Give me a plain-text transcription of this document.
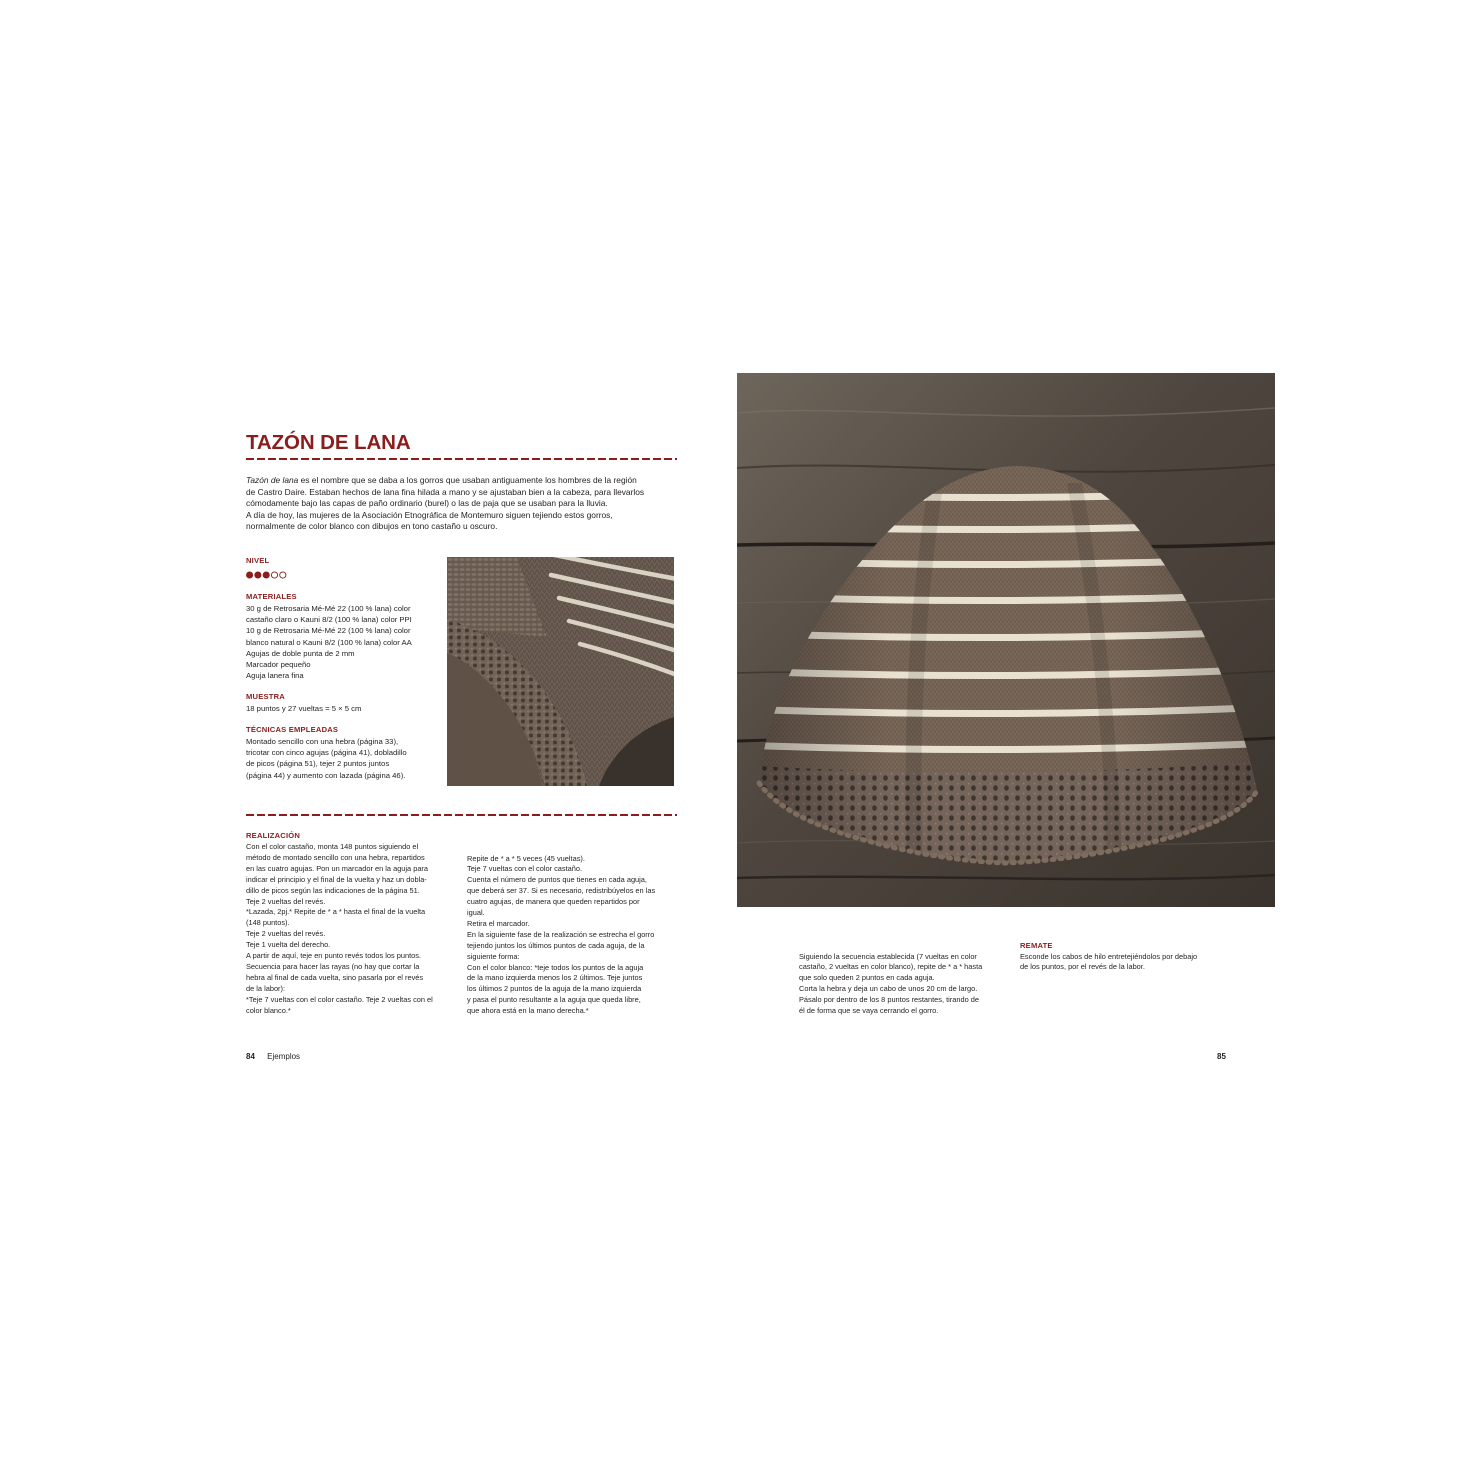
TAZÓN DE LANA
Tazón de lana es el nombre que se daba a los gorros que usaban antiguamente los hombres de la región
de Castro Daire. Estaban hechos de lana fina hilada a mano y se ajustaban bien a la cabeza, para llevarlos
cómodamente bajo las capas de paño ordinario (burel) o las de paja que se usaban para la lluvia.
A día de hoy, las mujeres de la Asociación Etnográfica de Montemuro siguen tejiendo estos gorros,
normalmente de color blanco con dibujos en tono castaño u oscuro.
NIVEL
MATERIALES
30 g de Retrosaria Mé-Mé 22 (100 % lana) color
castaño claro o Kauni 8/2 (100 % lana) color PPI
10 g de Retrosaria Mé-Mé 22 (100 % lana) color
blanco natural o Kauni 8/2 (100 % lana) color AA
Agujas de doble punta de 2 mm
Marcador pequeño
Aguja lanera fina
MUESTRA
18 puntos y 27 vueltas = 5 × 5 cm
TÉCNICAS EMPLEADAS
Montado sencillo con una hebra (página 33),
tricotar con cinco agujas (página 41), dobladillo
de picos (página 51), tejer 2 puntos juntos
(página 44) y aumento con lazada (página 46).
REALIZACIÓN
Con el color castaño, monta 148 puntos siguiendo el
método de montado sencillo con una hebra, repartidos
en las cuatro agujas. Pon un marcador en la aguja para
indicar el principio y el final de la vuelta y haz un dobla-
dillo de picos según las indicaciones de la página 51.
Teje 2 vueltas del revés.
*Lazada, 2pj.* Repite de * a * hasta el final de la vuelta
(148 puntos).
Teje 2 vueltas del revés.
Teje 1 vuelta del derecho.
A partir de aquí, teje en punto revés todos los puntos.
Secuencia para hacer las rayas (no hay que cortar la
hebra al final de cada vuelta, sino pasarla por el revés
de la labor):
*Teje 7 vueltas con el color castaño. Teje 2 vueltas con el
color blanco.*
Repite de * a * 5 veces (45 vueltas).
Teje 7 vueltas con el color castaño.
Cuenta el número de puntos que tienes en cada aguja,
que deberá ser 37. Si es necesario, redistribúyelos en las
cuatro agujas, de manera que queden repartidos por
igual.
Retira el marcador.
En la siguiente fase de la realización se estrecha el gorro
tejiendo juntos los últimos puntos de cada aguja, de la
siguiente forma:
Con el color blanco: *teje todos los puntos de la aguja
de la mano izquierda menos los 2 últimos. Teje juntos
los últimos 2 puntos de la aguja de la mano izquierda
y pasa el punto resultante a la aguja que queda libre,
que ahora está en la mano derecha.*
84 Ejemplos
Siguiendo la secuencia establecida (7 vueltas en color
castaño, 2 vueltas en color blanco), repite de * a * hasta
que solo queden 2 puntos en cada aguja.
Corta la hebra y deja un cabo de unos 20 cm de largo.
Pásalo por dentro de los 8 puntos restantes, tirando de
él de forma que se vaya cerrando el gorro.
REMATE
Esconde los cabos de hilo entretejiéndolos por debajo
de los puntos, por el revés de la labor.
85
